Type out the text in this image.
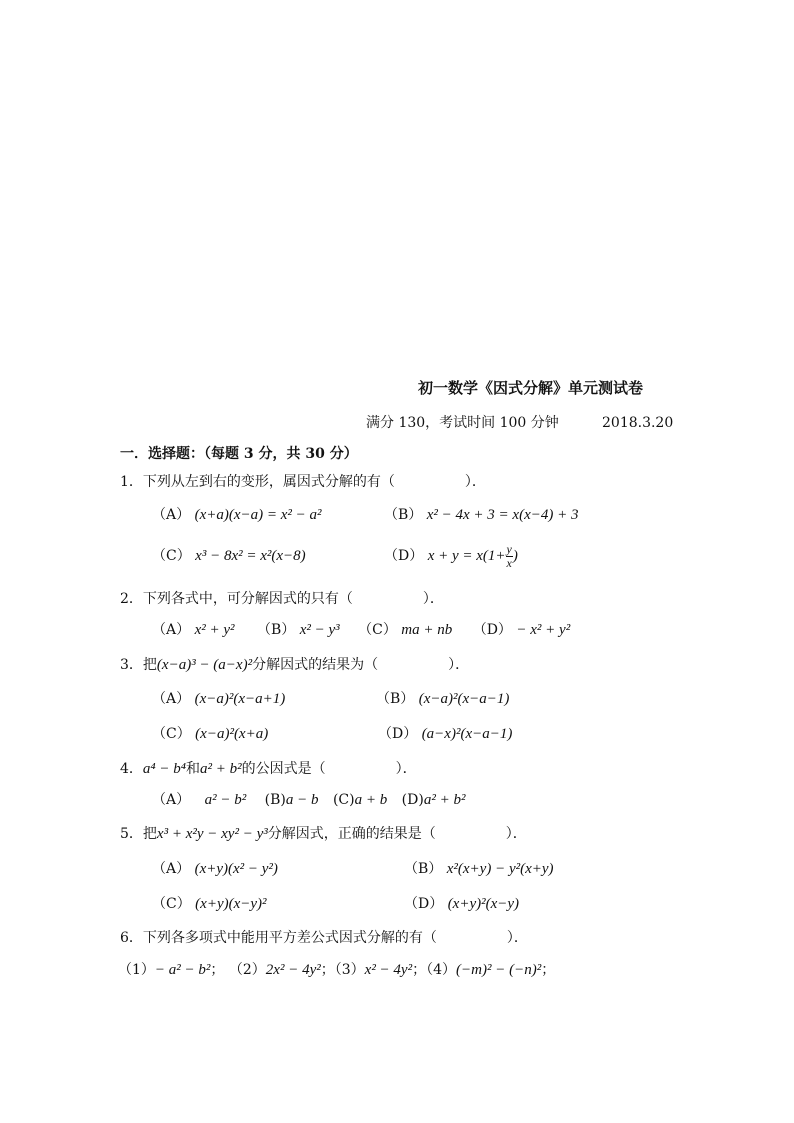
初一数学《因式分解》单元测试卷
满分 130，考试时间 100 分钟	2018.3.20
一．选择题：（每题 3 分，共 30 分）
1．下列从左到右的变形，属因式分解的有（　　　　　）．
（A） (x+a)(x−a) = x² − a²	（B） x² − 4x + 3 = x(x−4) + 3
（C） x³ − 8x² = x²(x−8)	（D） $x + y = x(1+ \frac{y}{x}$ )
2．下列各式中，可分解因式的只有（　　　　　）．
（A） x² + y² （B） x² − y³ （C） ma + nb （D） − x² + y²
3．把(x−a)³ − (a−x)²分解因式的结果为（　　　　　）．
（A） (x−a)²(x−a+1)	（B） (x−a)²(x−a−1)
（C） (x−a)²(x+a)	（D） (a−x)²(x−a−1)
4．a⁴ − b⁴和a² + b²的公因式是（　　　　　）．
（A） a² − b² (B)a − b (C)a + b (D)a² + b²
5．把x³ + x²y − xy² − y³分解因式，正确的结果是（　　　　　）．
（A） (x+y)(x² − y²)	（B） x²(x+y) − y²(x+y)
（C） (x+y)(x−y)²	（D） (x+y)²(x−y)
6．下列各多项式中能用平方差公式因式分解的有（　　　　　）．
（1）− a² − b²； （2）2x² − 4y²；（3）x² − 4y²；（4）(−m)² − (−n)²；
